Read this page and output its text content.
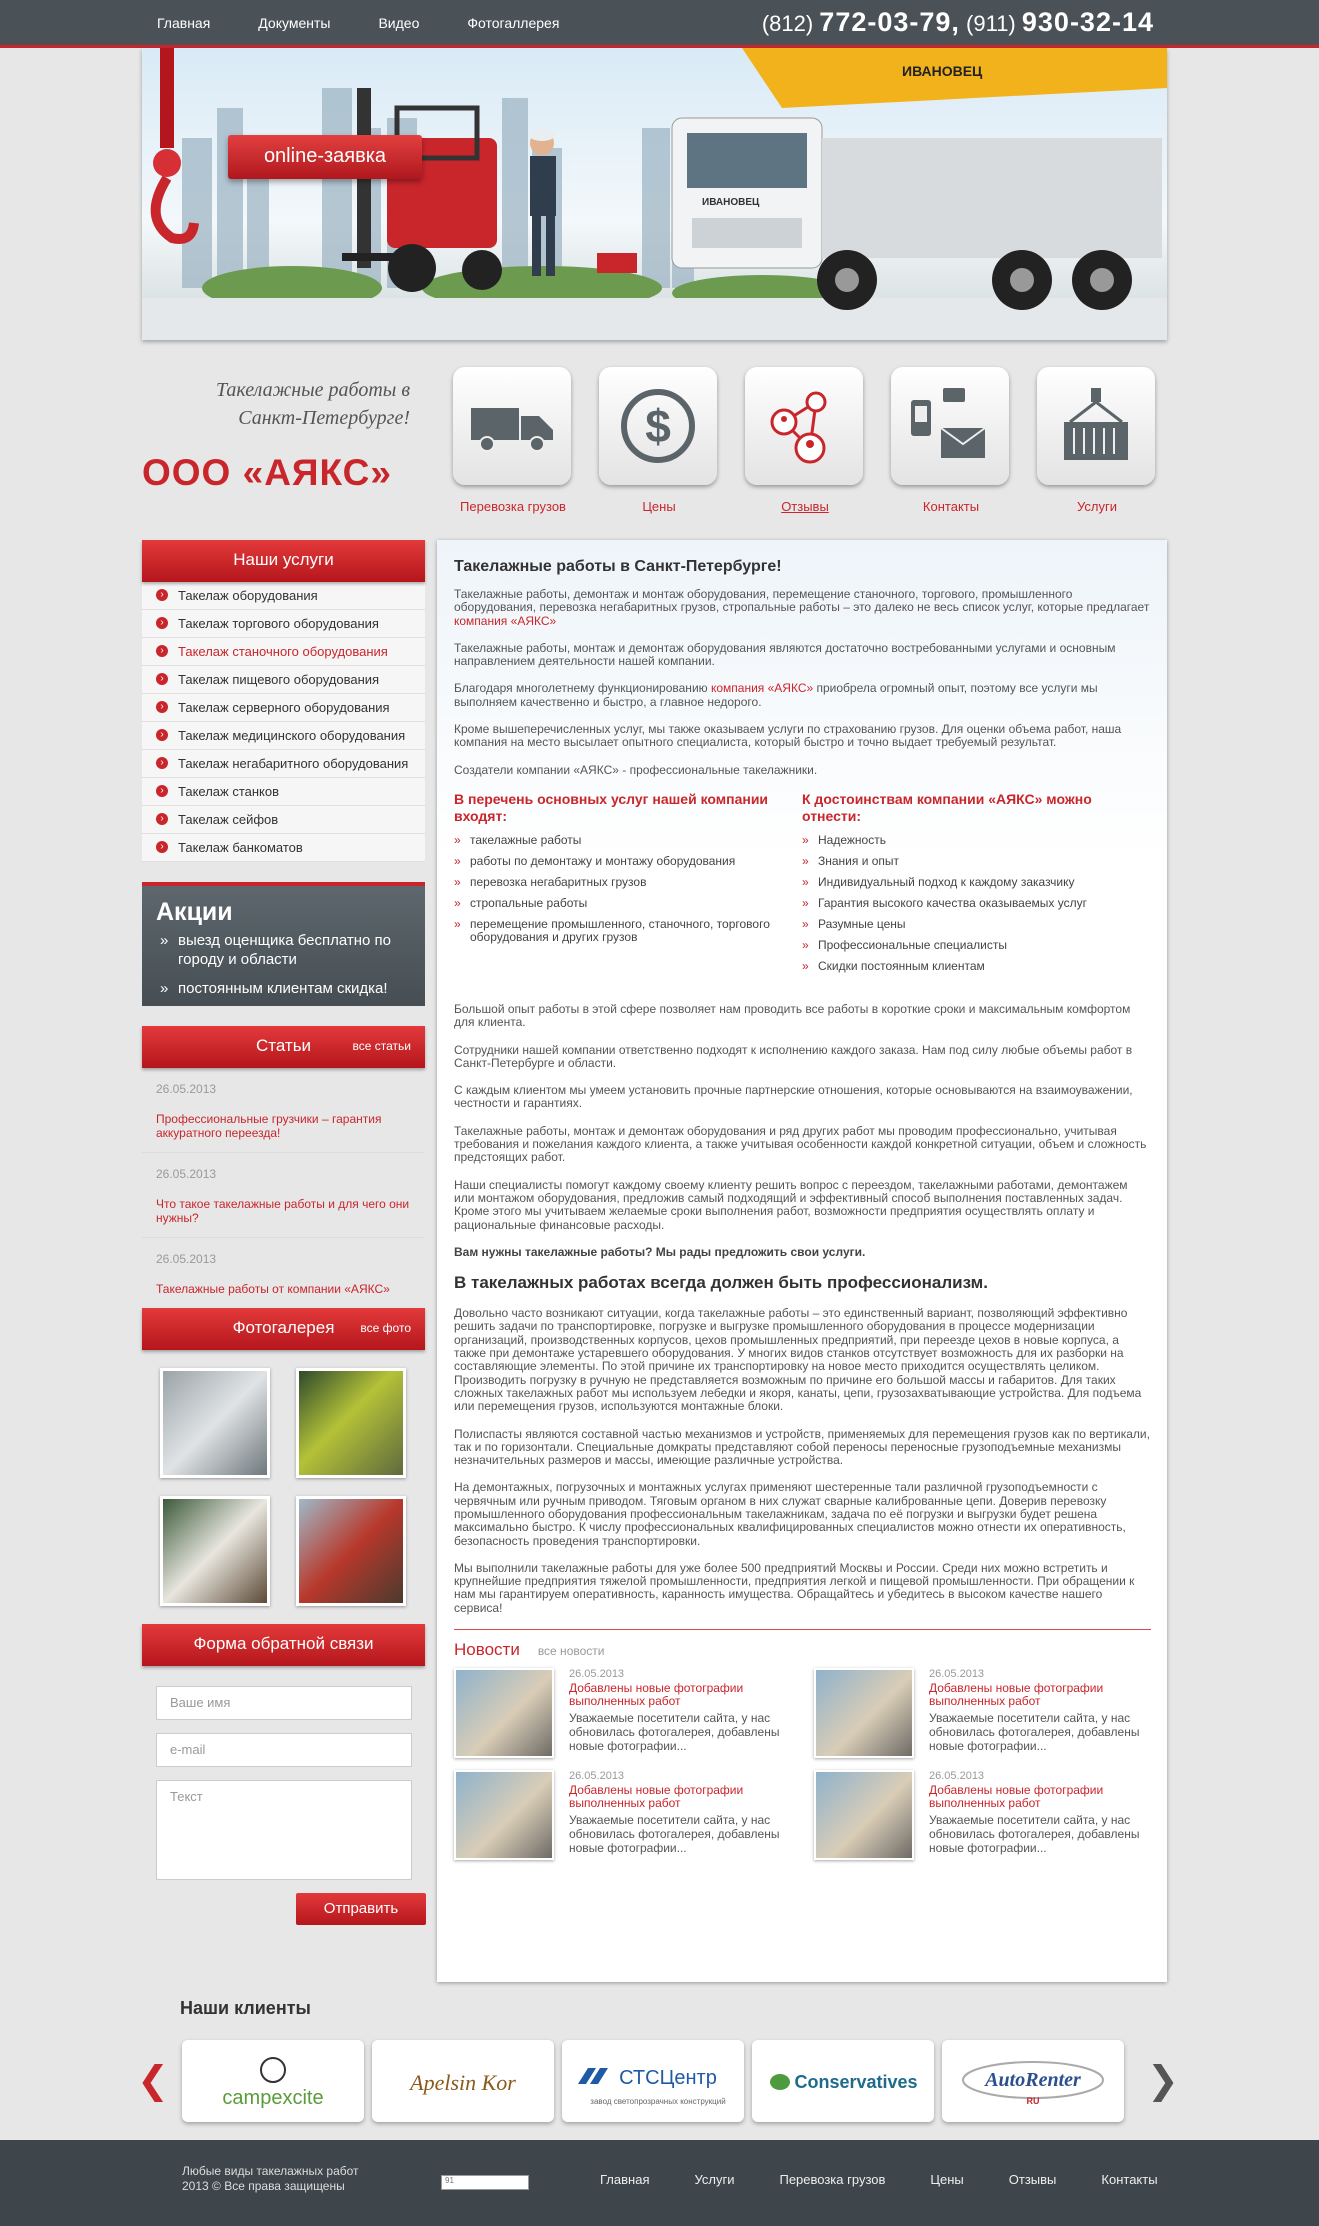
Главная	Документы	Видео	Фотогаллерея	(812) 772-03-79, (911) 930-32-14
ИВАНОВЕЦ
ИВАНОВЕЦ
online-заявка
Такелажные работы в
Санкт-Петербурге!
ООО «АЯКС»
Перевозка грузов
$
Цены	Отзывы	Контакты	Услуги
Наши услуги
› Такелаж оборудования
› Такелаж торгового оборудования
› Такелаж станочного оборудования
› Такелаж пищевого оборудования
› Такелаж серверного оборудования
› Такелаж медицинского оборудования
› Такелаж негабаритного оборудования
› Такелаж станков
› Такелаж сейфов
› Такелаж банкоматов
Акции

» выезд оценщика бесплатно по городу и области

» постоянным клиентам скидка!

Статьи	все статьи
26.05.2013
Профессиональные грузчики – гарантия аккуратного переезда!
26.05.2013
Что такое такелажные работы и для чего они нужны?
26.05.2013
Такелажные работы от компании «АЯКС»
Фотогалерея все фото
Форма обратной связи
Ваше имя
e-mail
Текст
Отправить
Такелажные работы в Санкт-Петербурге!

Такелажные работы, демонтаж и монтаж оборудования, перемещение станочного, торгового, промышленного оборудования, перевозка негабаритных грузов, стропальные работы – это далеко не весь список услуг, которые предлагает компания «АЯКС»

Такелажные работы, монтаж и демонтаж оборудования являются достаточно востребованными услугами и основным направлением деятельности нашей компании.

Благодаря многолетнему функционированию компания «АЯКС» приобрела огромный опыт, поэтому все услуги мы выполняем качественно и быстро, а главное недорого.

Кроме вышеперечисленных услуг, мы также оказываем услуги по страхованию грузов. Для оценки объема работ, наша компания на место высылает опытного специалиста, который быстро и точно выдает требуемый результат.

Создатели компании «АЯКС» - профессиональные такелажники.

В перечень основных услуг нашей компании входят:
» такелажные работы
» работы по демонтажу и монтажу оборудования
» перевозка негабаритных грузов
» стропальные работы
» перемещение промышленного, станочного, торгового оборудования и других грузов
К достоинствам компании «АЯКС» можно отнести:
» Надежность
» Знания и опыт
» Индивидуальный подход к каждому заказчику
» Гарантия высокого качества оказываемых услуг
» Разумные цены
» Профессиональные специалисты
» Скидки постоянным клиентам

Большой опыт работы в этой сфере позволяет нам проводить все работы в короткие сроки и максимальным комфортом для клиента.

Сотрудники нашей компании ответственно подходят к исполнению каждого заказа. Нам под силу любые объемы работ в Санкт-Петербурге и области.

С каждым клиентом мы умеем установить прочные партнерские отношения, которые основываются на взаимоуважении, честности и гарантиях.

Такелажные работы, монтаж и демонтаж оборудования и ряд других работ мы проводим профессионально, учитывая требования и пожелания каждого клиента, а также учитывая особенности каждой конкретной ситуации, объем и сложность предстоящих работ.

Наши специалисты помогут каждому своему клиенту решить вопрос с переездом, такелажными работами, демонтажем или монтажом оборудования, предложив самый подходящий и эффективный способ выполнения поставленных задач. Кроме этого мы учитываем желаемые сроки выполнения работ, возможности предприятия осуществлять оплату и рациональные финансовые расходы.

Вам нужны такелажные работы? Мы рады предложить свои услуги.

В такелажных работах всегда должен быть профессионализм.

Довольно часто возникают ситуации, когда такелажные работы – это единственный вариант, позволяющий эффективно решить задачи по транспортировке, погрузке и выгрузке промышленного оборудования в процессе модернизации организаций, производственных корпусов, цехов промышленных предприятий, при переезде цехов в новые корпуса, а также при демонтаже устаревшего оборудования. У многих видов станков отсутствует возможность для их разборки на составляющие элементы. По этой причине их транспортировку на новое место приходится осуществлять целиком. Производить погрузку в ручную не представляется возможным по причине его большой массы и габаритов. Для таких сложных такелажных работ мы используем лебедки и якоря, канаты, цепи, грузозахватывающие устройства. Для подъема или перемещения грузов, используются монтажные блоки.

Полиспасты являются составной частью механизмов и устройств, применяемых для перемещения грузов как по вертикали, так и по горизонтали. Специальные домкраты представляют собой переносы переносные грузоподъемные механизмы незначительных размеров и массы, имеющие различные устройства.

На демонтажных, погрузочных и монтажных услугах применяют шестеренные тали различной грузоподъемности с червячным или ручным приводом. Тяговым органом в них служат сварные калиброванные цепи. Доверив перевозку промышленного оборудования профессиональным такелажникам, задача по её погрузки и выгрузки будет решена максимально быстро. К числу профессиональных квалифицированных специалистов можно отнести их оперативность, безопасность проведения транспортировки.

Мы выполнили такелажные работы для уже более 500 предприятий Москвы и России. Среди них можно встретить и крупнейшие предприятия тяжелой промышленности, предприятия легкой и пищевой промышленности. При обращении к нам мы гарантируем оперативность, каранность имущества. Обращайтесь и убедитесь в высоком качестве нашего сервиса!

Новости все новости
26.05.2013
Добавлены новые фотографии выполненных работ
Уважаемые посетители сайта, у нас обновилась фотогалерея, добавлены новые фотографии...
26.05.2013
Добавлены новые фотографии выполненных работ
Уважаемые посетители сайта, у нас обновилась фотогалерея, добавлены новые фотографии...
26.05.2013
Добавлены новые фотографии выполненных работ
Уважаемые посетители сайта, у нас обновилась фотогалерея, добавлены новые фотографии...
26.05.2013
Добавлены новые фотографии выполненных работ
Уважаемые посетители сайта, у нас обновилась фотогалерея, добавлены новые фотографии...
Наши клиенты
❮	campexcite
Apelsin Kor	СТСЦентр
завод светопрозрачных конструкций
Conservatives	AutoRenter
RU	❯
Любые виды такелажных работ
2013 © Все права защищены	91	Главная	Услуги	Перевозка грузов	Цены	Отзывы	Контакты
